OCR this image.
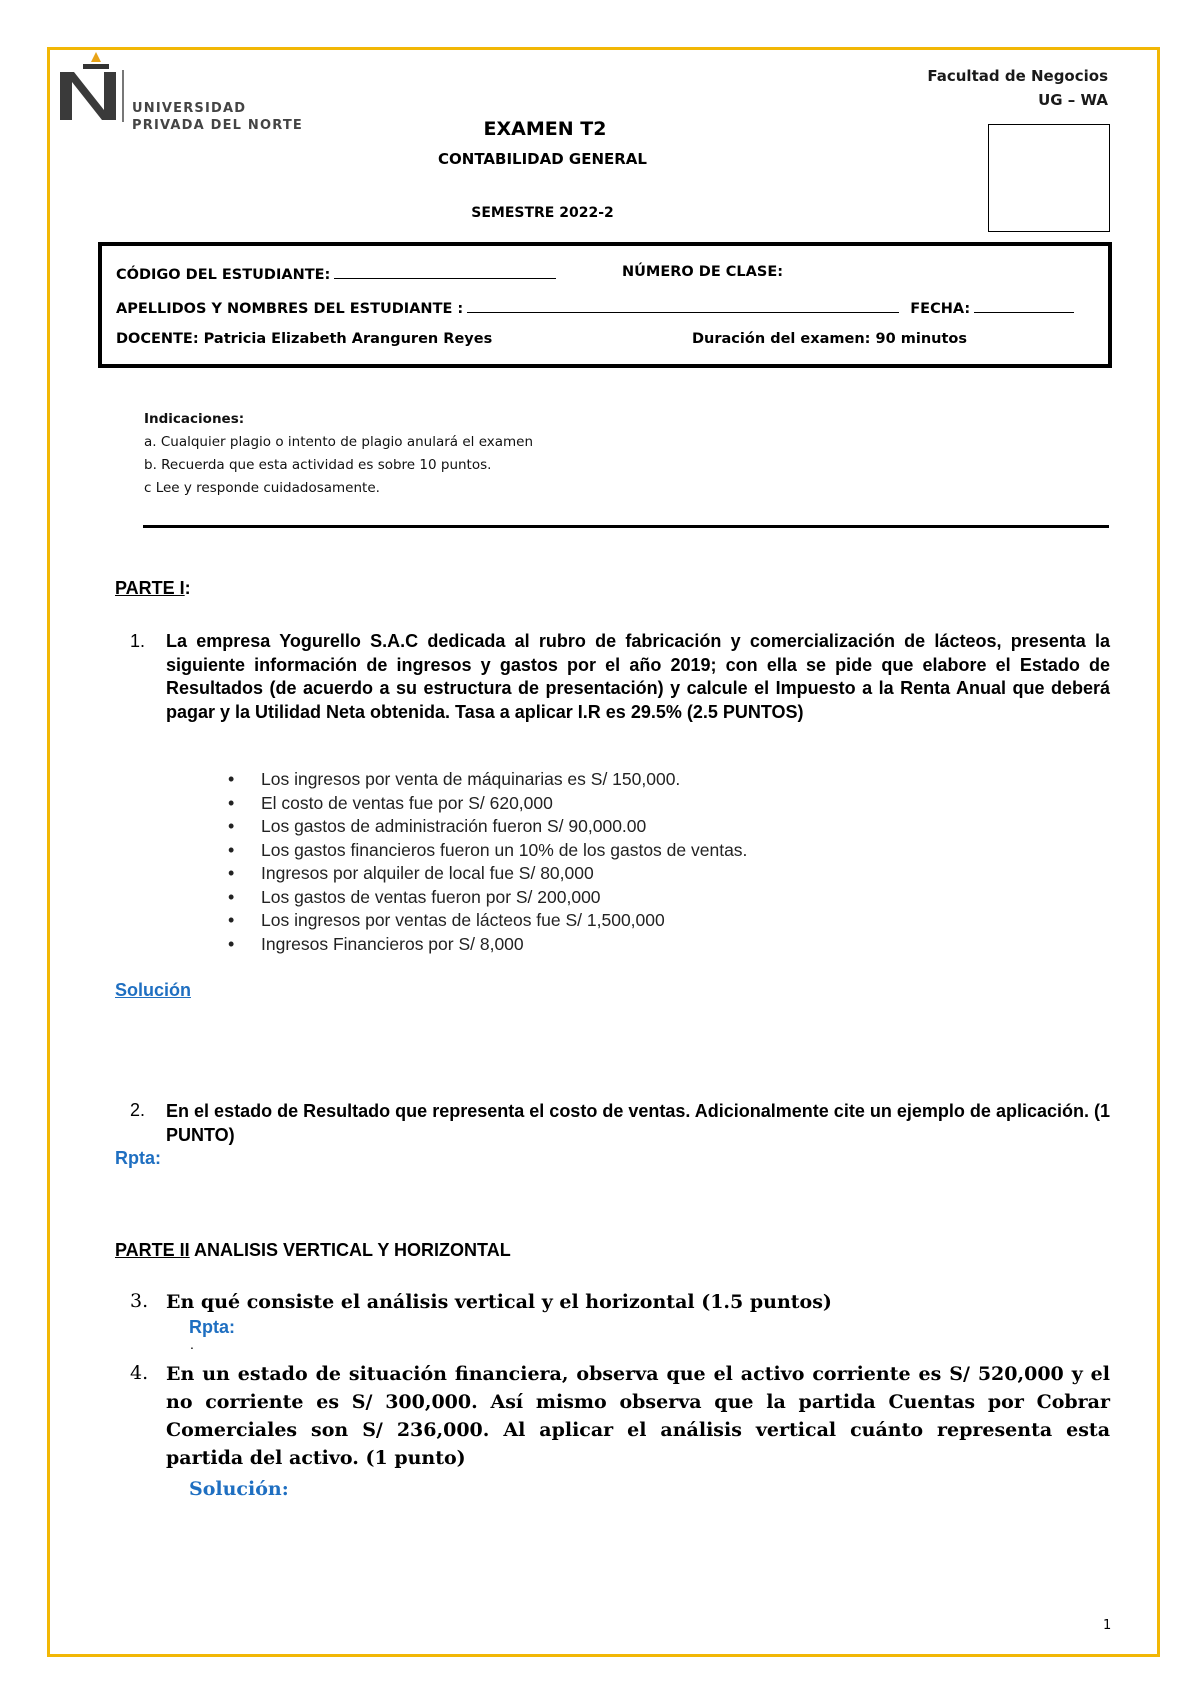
UNIVERSIDAD
PRIVADA DEL NORTE
Facultad de Negocios
UG – WA
EXAMEN T2
CONTABILIDAD GENERAL
SEMESTRE 2022-2
CÓDIGO DEL ESTUDIANTE:	NÚMERO DE CLASE:
APELLIDOS Y NOMBRES DEL ESTUDIANTE :	FECHA:
DOCENTE: Patricia Elizabeth Aranguren Reyes	Duración del examen: 90 minutos
Indicaciones:
a. Cualquier plagio o intento de plagio anulará el examen
b. Recuerda que esta actividad es sobre 10 puntos.
c Lee y responde cuidadosamente.
PARTE I:
1. La empresa Yogurello S.A.C dedicada al rubro de fabricación y comercialización de lácteos, presenta la siguiente información de ingresos y gastos por el año 2019; con ella se pide que elabore el Estado de Resultados (de acuerdo a su estructura de presentación) y calcule el Impuesto a la Renta Anual que deberá pagar y la Utilidad Neta obtenida. Tasa a aplicar I.R es 29.5% (2.5 PUNTOS)
• Los ingresos por venta de máquinarias es S/ 150,000.
• El costo de ventas fue por S/ 620,000
• Los gastos de administración fueron S/ 90,000.00
• Los gastos financieros fueron un 10% de los gastos de ventas.
• Ingresos por alquiler de local fue S/ 80,000
• Los gastos de ventas fueron por S/ 200,000
• Los ingresos por ventas de lácteos fue S/ 1,500,000
• Ingresos Financieros por S/ 8,000
Solución
2. En el estado de Resultado que representa el costo de ventas. Adicionalmente cite un ejemplo de aplicación. (1 PUNTO)
Rpta:
PARTE II ANALISIS VERTICAL Y HORIZONTAL
3. En qué consiste el análisis vertical y el horizontal (1.5 puntos)
Rpta:
.
4. En un estado de situación financiera, observa que el activo corriente es S/ 520,000 y el no corriente es S/ 300,000. Así mismo observa que la partida Cuentas por Cobrar Comerciales son S/ 236,000. Al aplicar el análisis vertical cuánto representa esta partida del activo. (1 punto)
Solución:
1
